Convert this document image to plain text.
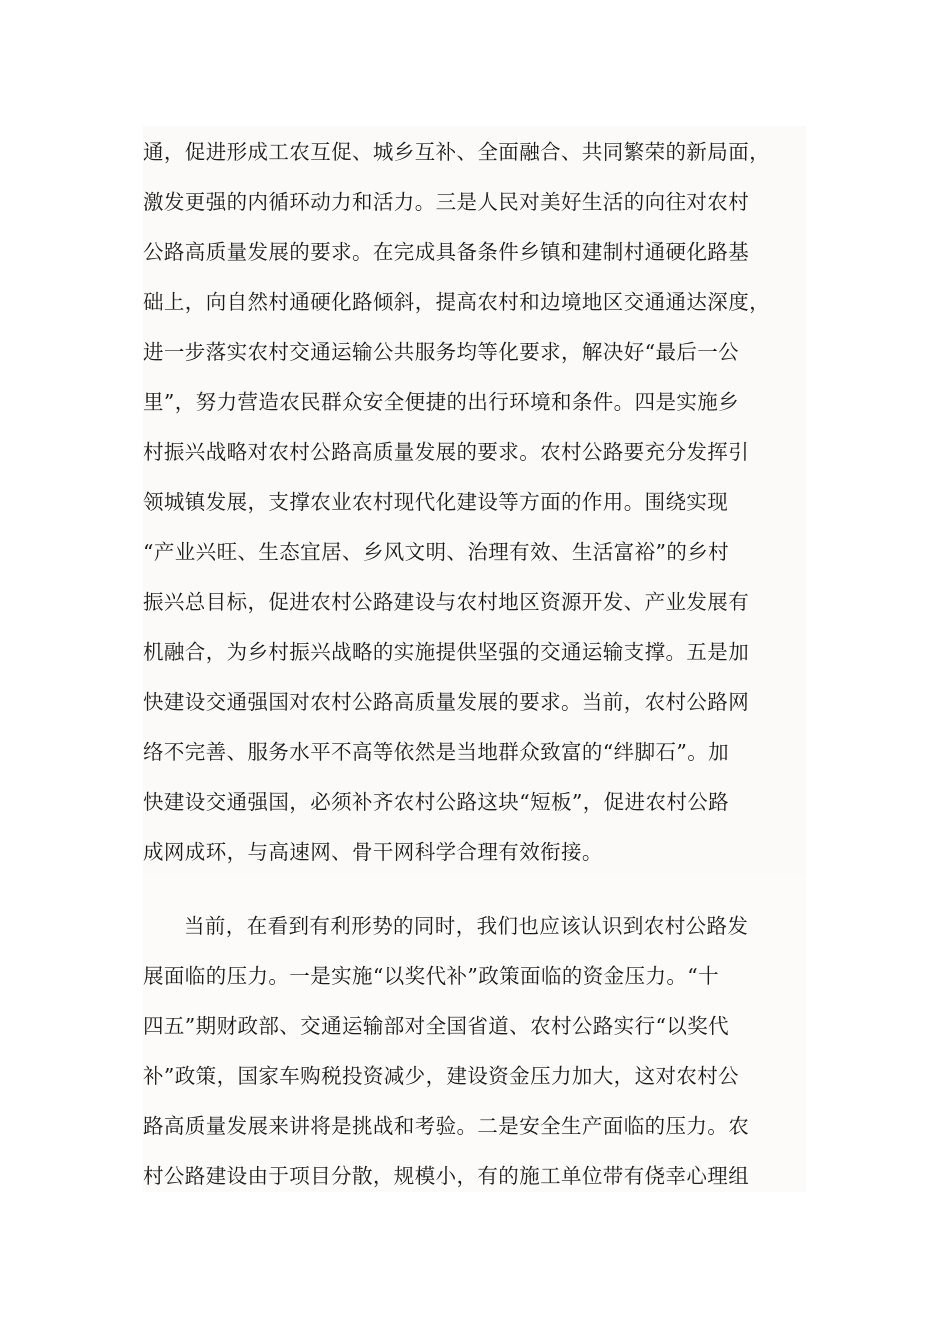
通，促进形成工农互促、城乡互补、全面融合、共同繁荣的新局面，
激发更强的内循环动力和活力。三是人民对美好生活的向往对农村
公路高质量发展的要求。在完成具备条件乡镇和建制村通硬化路基
础上，向自然村通硬化路倾斜，提高农村和边境地区交通通达深度，
进一步落实农村交通运输公共服务均等化要求，解决好“最后一公
里”，努力营造农民群众安全便捷的出行环境和条件。四是实施乡
村振兴战略对农村公路高质量发展的要求。农村公路要充分发挥引
领城镇发展，支撑农业农村现代化建设等方面的作用。围绕实现
“产业兴旺、生态宜居、乡风文明、治理有效、生活富裕”的乡村
振兴总目标，促进农村公路建设与农村地区资源开发、产业发展有
机融合，为乡村振兴战略的实施提供坚强的交通运输支撑。五是加
快建设交通强国对农村公路高质量发展的要求。当前，农村公路网
络不完善、服务水平不高等依然是当地群众致富的“绊脚石”。加
快建设交通强国，必须补齐农村公路这块“短板”，促进农村公路
成网成环，与高速网、骨干网科学合理有效衔接。
当前，在看到有利形势的同时，我们也应该认识到农村公路发
展面临的压力。一是实施“以奖代补”政策面临的资金压力。“十
四五”期财政部、交通运输部对全国省道、农村公路实行“以奖代
补”政策，国家车购税投资减少，建设资金压力加大，这对农村公
路高质量发展来讲将是挑战和考验。二是安全生产面临的压力。农
村公路建设由于项目分散，规模小，有的施工单位带有侥幸心理组
